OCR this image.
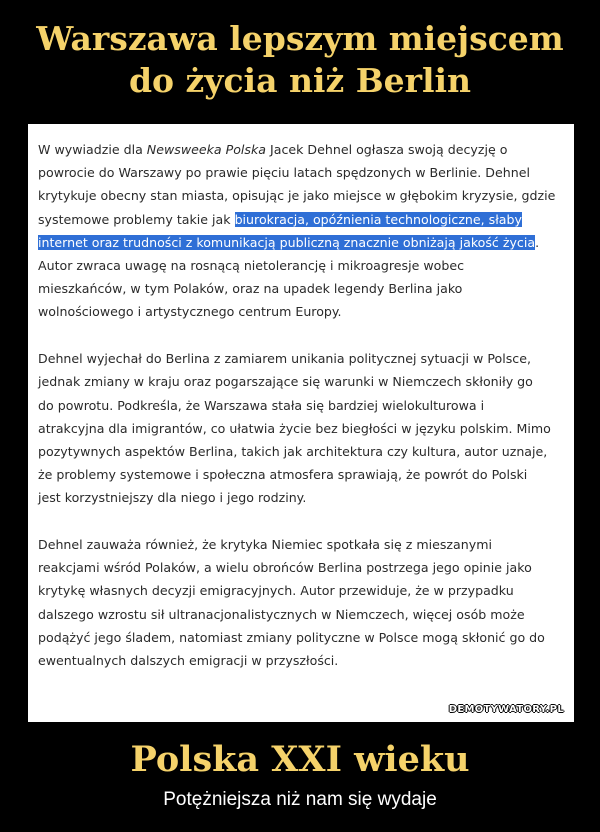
Warszawa lepszym miejscem
do życia niż Berlin
W wywiadzie dla Newsweeka Polska Jacek Dehnel ogłasza swoją decyzję o
powrocie do Warszawy po prawie pięciu latach spędzonych w Berlinie. Dehnel
krytykuje obecny stan miasta, opisując je jako miejsce w głębokim kryzysie, gdzie
systemowe problemy takie jak biurokracja, opóźnienia technologiczne, słaby
internet oraz trudności z komunikacją publiczną znacznie obniżają jakość życia.
Autor zwraca uwagę na rosnącą nietolerancję i mikroagresje wobec
mieszkańców, w tym Polaków, oraz na upadek legendy Berlina jako
wolnościowego i artystycznego centrum Europy.
Dehnel wyjechał do Berlina z zamiarem unikania politycznej sytuacji w Polsce,
jednak zmiany w kraju oraz pogarszające się warunki w Niemczech skłoniły go
do powrotu. Podkreśla, że Warszawa stała się bardziej wielokulturowa i
atrakcyjna dla imigrantów, co ułatwia życie bez biegłości w języku polskim. Mimo
pozytywnych aspektów Berlina, takich jak architektura czy kultura, autor uznaje,
że problemy systemowe i społeczna atmosfera sprawiają, że powrót do Polski
jest korzystniejszy dla niego i jego rodziny.
Dehnel zauważa również, że krytyka Niemiec spotkała się z mieszanymi
reakcjami wśród Polaków, a wielu obrońców Berlina postrzega jego opinie jako
krytykę własnych decyzji emigracyjnych. Autor przewiduje, że w przypadku
dalszego wzrostu sił ultranacjonalistycznych w Niemczech, więcej osób może
podążyć jego śladem, natomiast zmiany polityczne w Polsce mogą skłonić go do
ewentualnych dalszych emigracji w przyszłości.
DEMOTYWATORY.PL
Polska XXI wieku
Potężniejsza niż nam się wydaje
